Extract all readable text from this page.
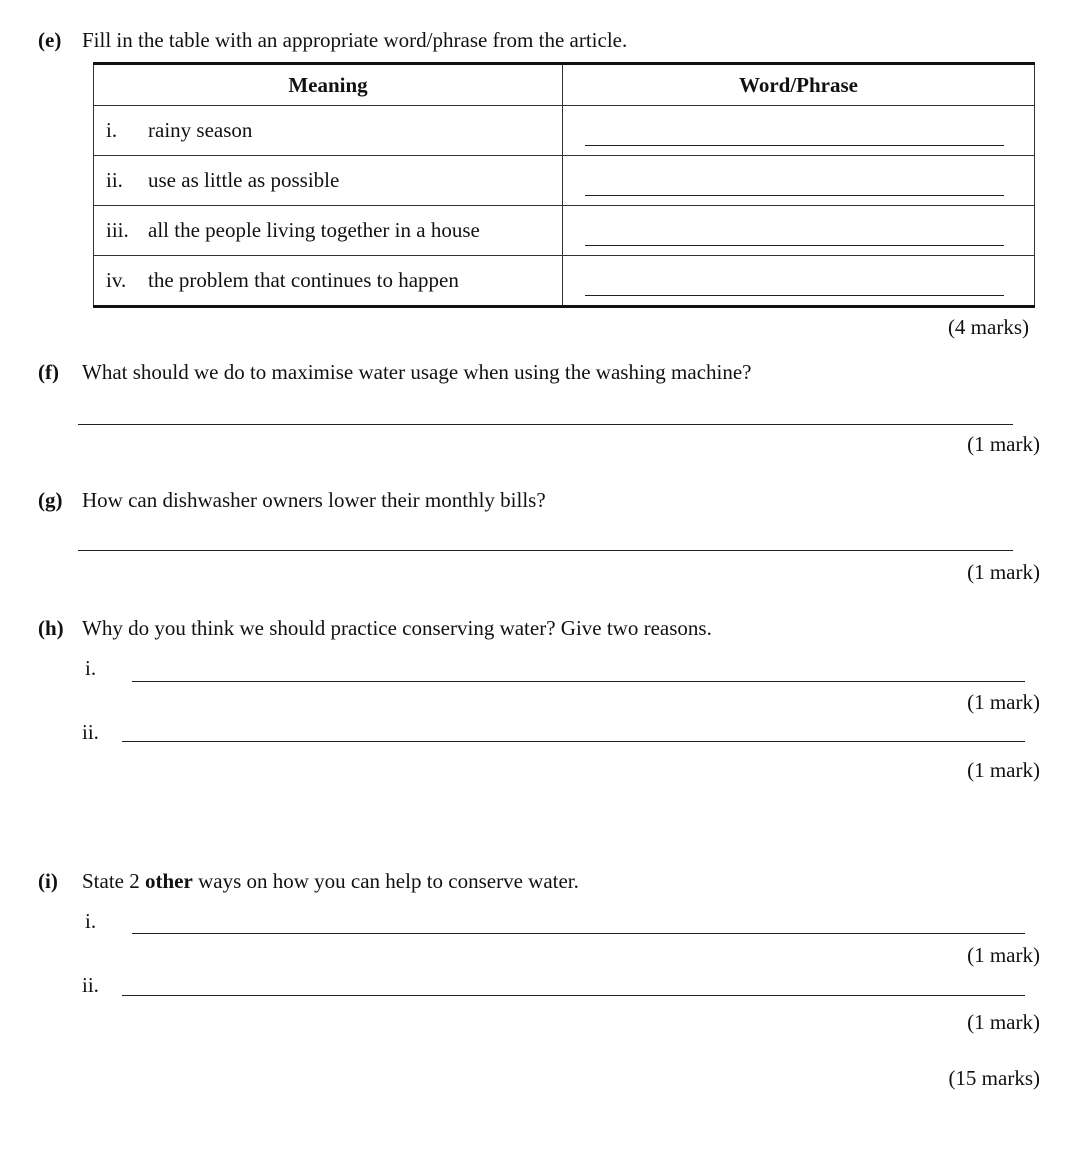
(e) Fill in the table with an appropriate word/phrase from the article.
Meaning	Word/Phrase
i. rainy season	

ii. use as little as possible	

iii. all the people living together in a house	

iv. the problem that continues to happen	
(4 marks)
(f) What should we do to maximise water usage when using the washing machine?
(1 mark)
(g) How can dishwasher owners lower their monthly bills?
(1 mark)
(h) Why do you think we should practice conserving water? Give two reasons.
i.
(1 mark)
ii.
(1 mark)
(i) State 2 other ways on how you can help to conserve water.
i.
(1 mark)
ii.
(1 mark)
(15 marks)
